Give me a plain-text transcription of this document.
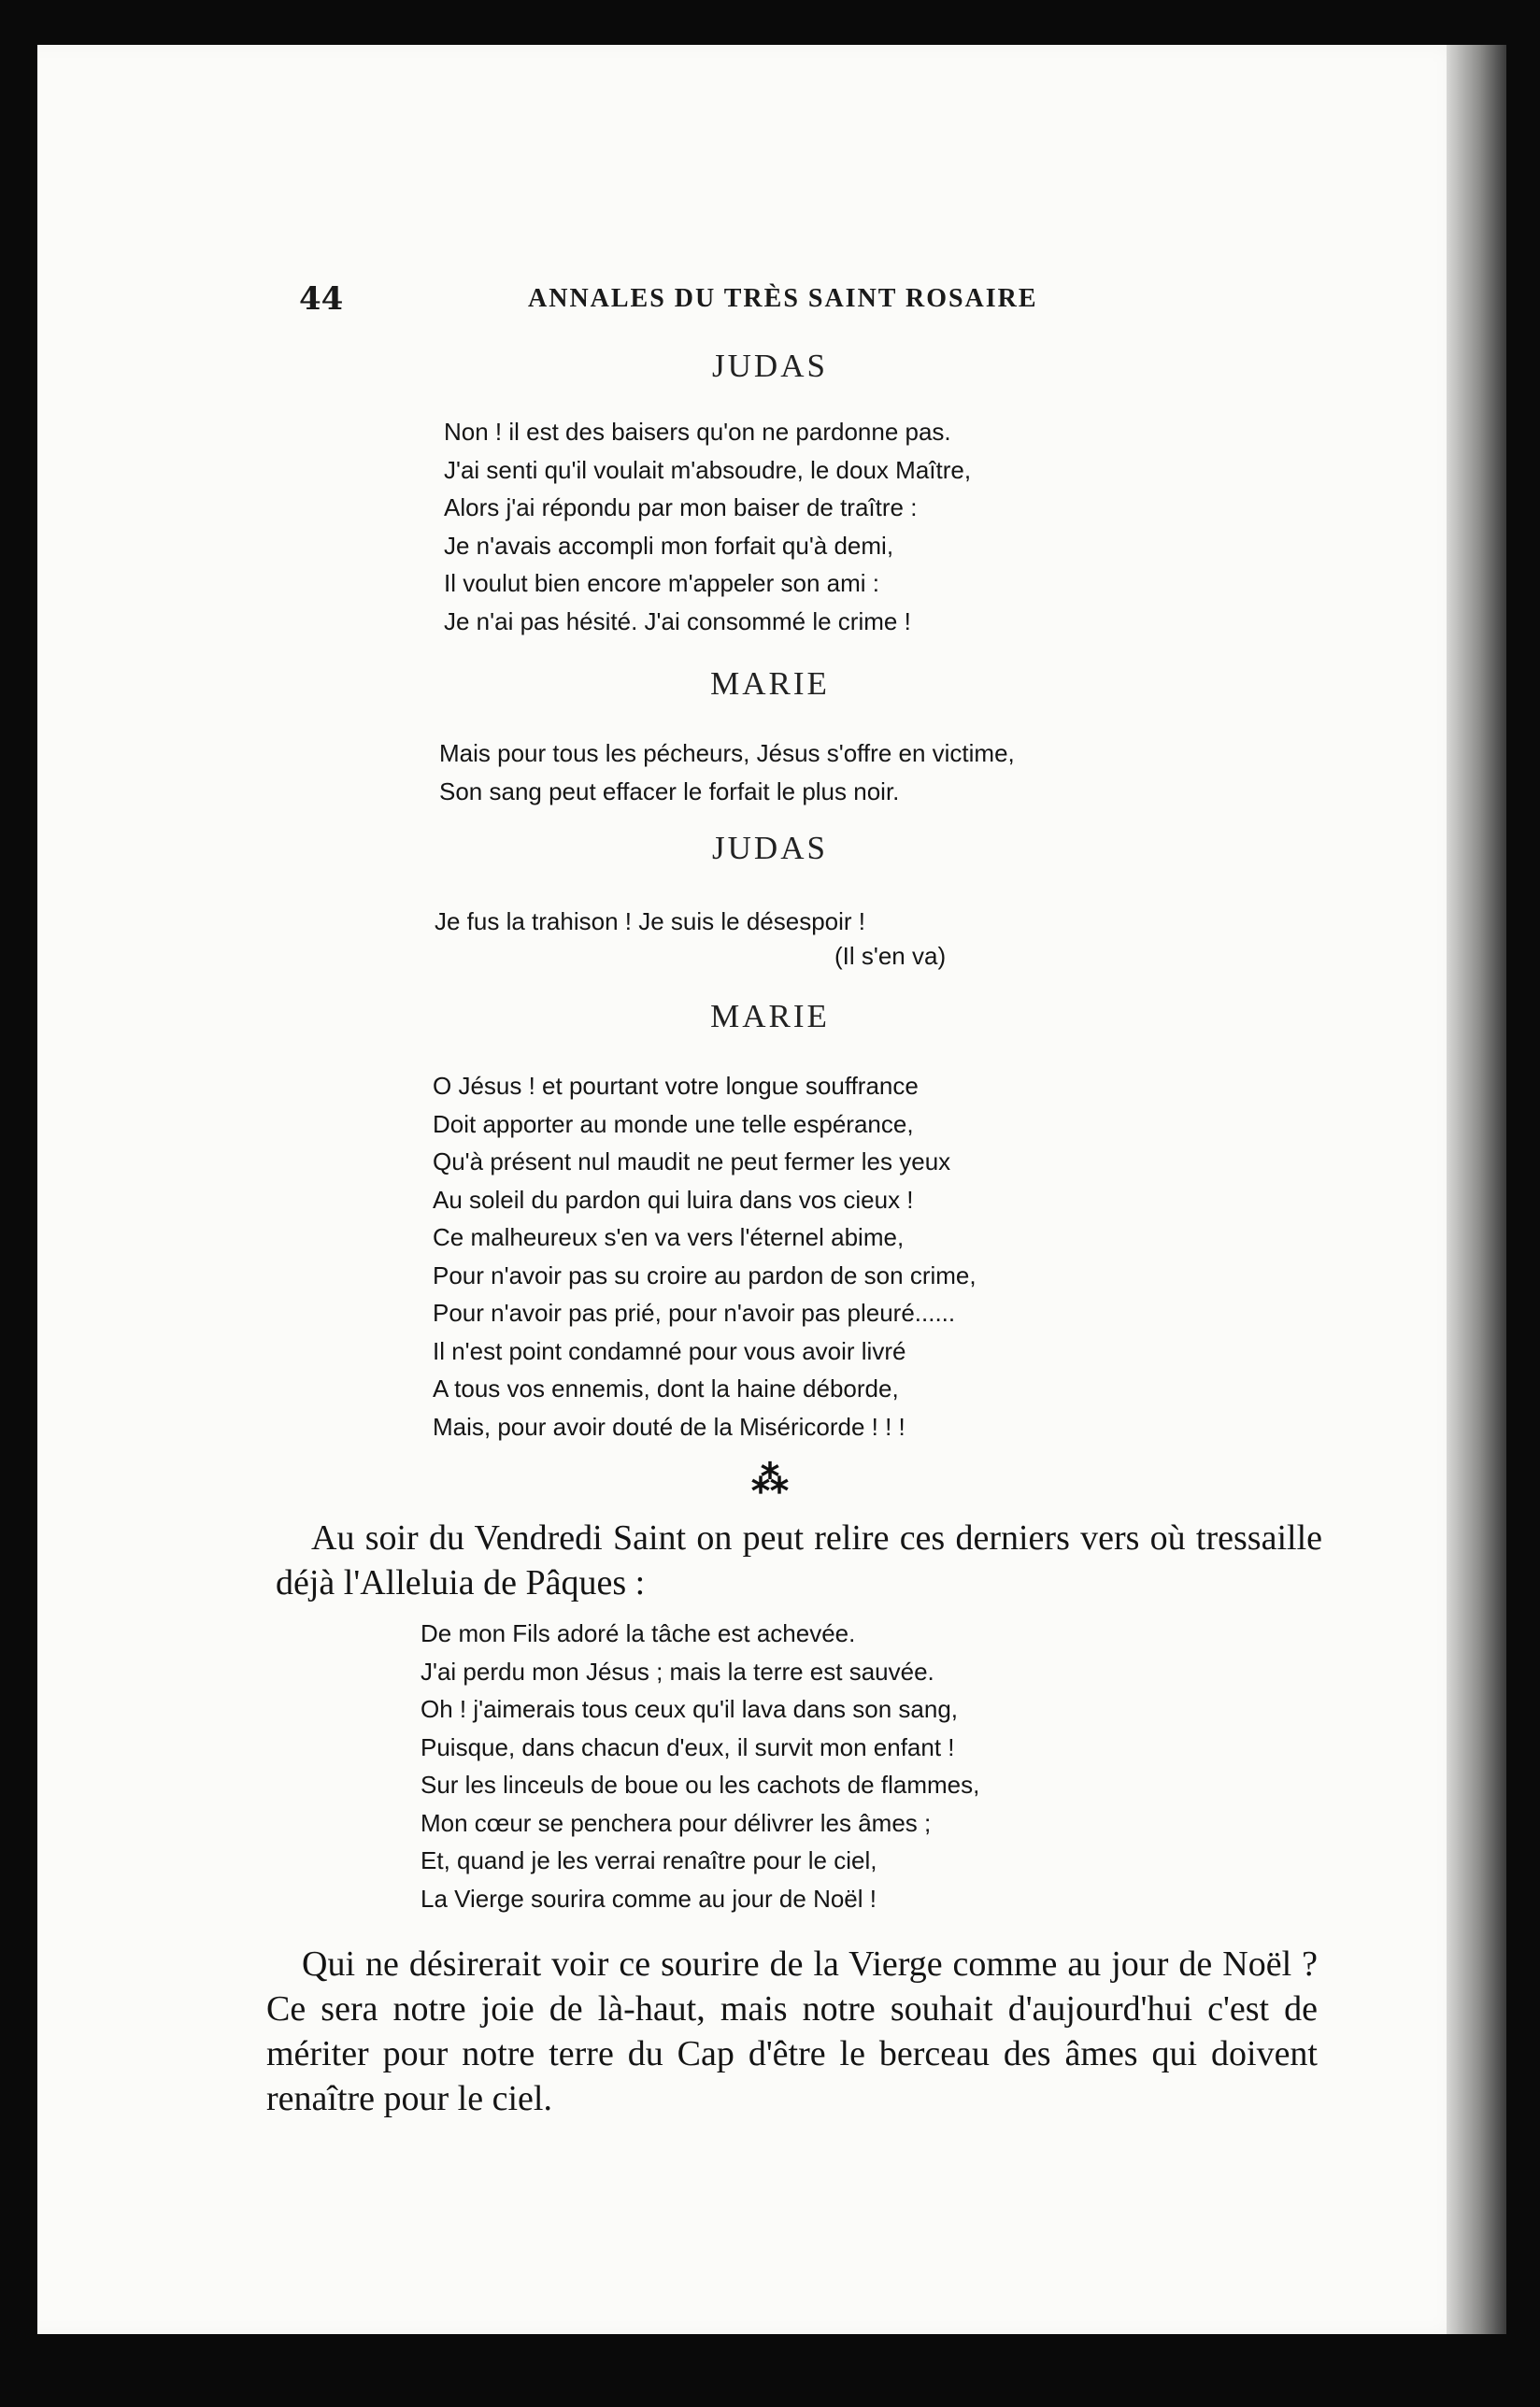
44	ANNALES DU TRÈS SAINT ROSAIRE
JUDAS
Non ! il est des baisers qu'on ne pardonne pas.
J'ai senti qu'il voulait m'absoudre, le doux Maître,
Alors j'ai répondu par mon baiser de traître :
Je n'avais accompli mon forfait qu'à demi,
Il voulut bien encore m'appeler son ami :
Je n'ai pas hésité. J'ai consommé le crime !
MARIE
Mais pour tous les pécheurs, Jésus s'offre en victime,
Son sang peut effacer le forfait le plus noir.
JUDAS
Je fus la trahison ! Je suis le désespoir !
(Il s'en va)
MARIE
O Jésus ! et pourtant votre longue souffrance
Doit apporter au monde une telle espérance,
Qu'à présent nul maudit ne peut fermer les yeux
Au soleil du pardon qui luira dans vos cieux !
Ce malheureux s'en va vers l'éternel abime,
Pour n'avoir pas su croire au pardon de son crime,
Pour n'avoir pas prié, pour n'avoir pas pleuré......
Il n'est point condamné pour vous avoir livré
A tous vos ennemis, dont la haine déborde,
Mais, pour avoir douté de la Miséricorde ! ! !
⁂

Au soir du Vendredi Saint on peut relire ces derniers vers où tressaille déjà l'Alleluia de Pâques :

De mon Fils adoré la tâche est achevée.
J'ai perdu mon Jésus ; mais la terre est sauvée.
Oh ! j'aimerais tous ceux qu'il lava dans son sang,
Puisque, dans chacun d'eux, il survit mon enfant !
Sur les linceuls de boue ou les cachots de flammes,
Mon cœur se penchera pour délivrer les âmes ;
Et, quand je les verrai renaître pour le ciel,
La Vierge sourira comme au jour de Noël !

Qui ne désirerait voir ce sourire de la Vierge comme au jour de Noël ? Ce sera notre joie de là-haut, mais notre souhait d'aujourd'hui c'est de mériter pour notre terre du Cap d'être le berceau des âmes qui doivent renaître pour le ciel.
